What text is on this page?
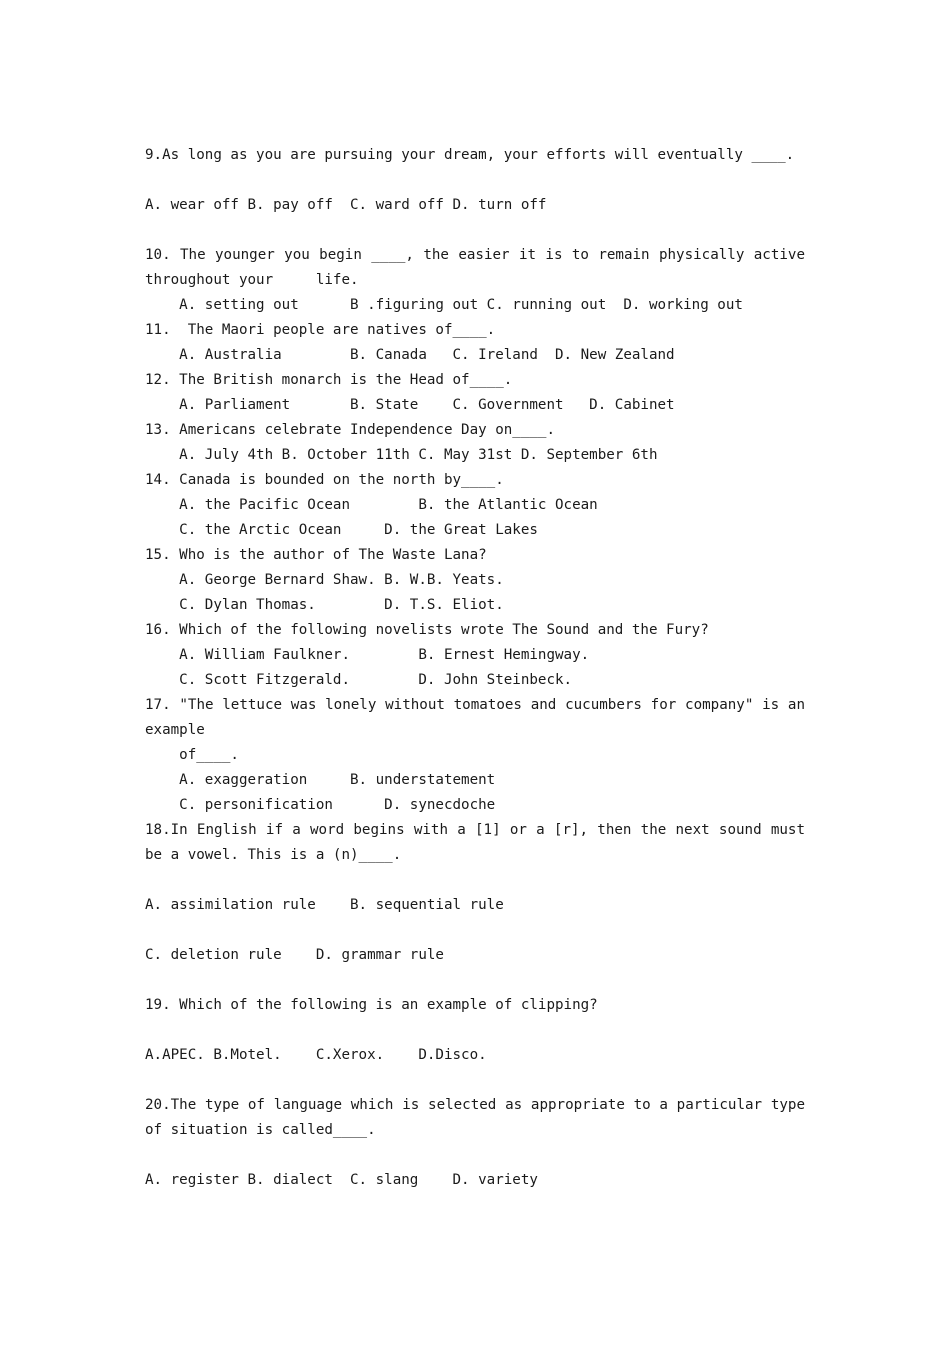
9.As long as you are pursuing your dream, your efforts will eventually ____.
A. wear off B. pay off  C. ward off D. turn off
10. The younger you begin ____, the easier it is to remain physically active
throughout your     life.
A. setting out      B .figuring out C. running out  D. working out
11.  The Maori people are natives of____.
A. Australia        B. Canada   C. Ireland  D. New Zealand
12. The British monarch is the Head of____.
A. Parliament       B. State    C. Government   D. Cabinet
13. Americans celebrate Independence Day on____.
A. July 4th B. October 11th C. May 31st D. September 6th
14. Canada is bounded on the north by____.
A. the Pacific Ocean        B. the Atlantic Ocean
C. the Arctic Ocean     D. the Great Lakes
15. Who is the author of The Waste Lana?
A. George Bernard Shaw. B. W.B. Yeats.
C. Dylan Thomas.        D. T.S. Eliot.
16. Which of the following novelists wrote The Sound and the Fury?
A. William Faulkner.        B. Ernest Hemingway.
C. Scott Fitzgerald.        D. John Steinbeck.
17. "The lettuce was lonely without tomatoes and cucumbers for company" is an
example
of____.
A. exaggeration     B. understatement
C. personification      D. synecdoche
18.In English if a word begins with a [1] or a [r], then the next sound must
be a vowel. This is a (n)____.
A. assimilation rule    B. sequential rule
C. deletion rule    D. grammar rule
19. Which of the following is an example of clipping?
A.APEC. B.Motel.    C.Xerox.    D.Disco.
20.The type of language which is selected as appropriate to a particular type
of situation is called____.
A. register B. dialect  C. slang    D. variety
